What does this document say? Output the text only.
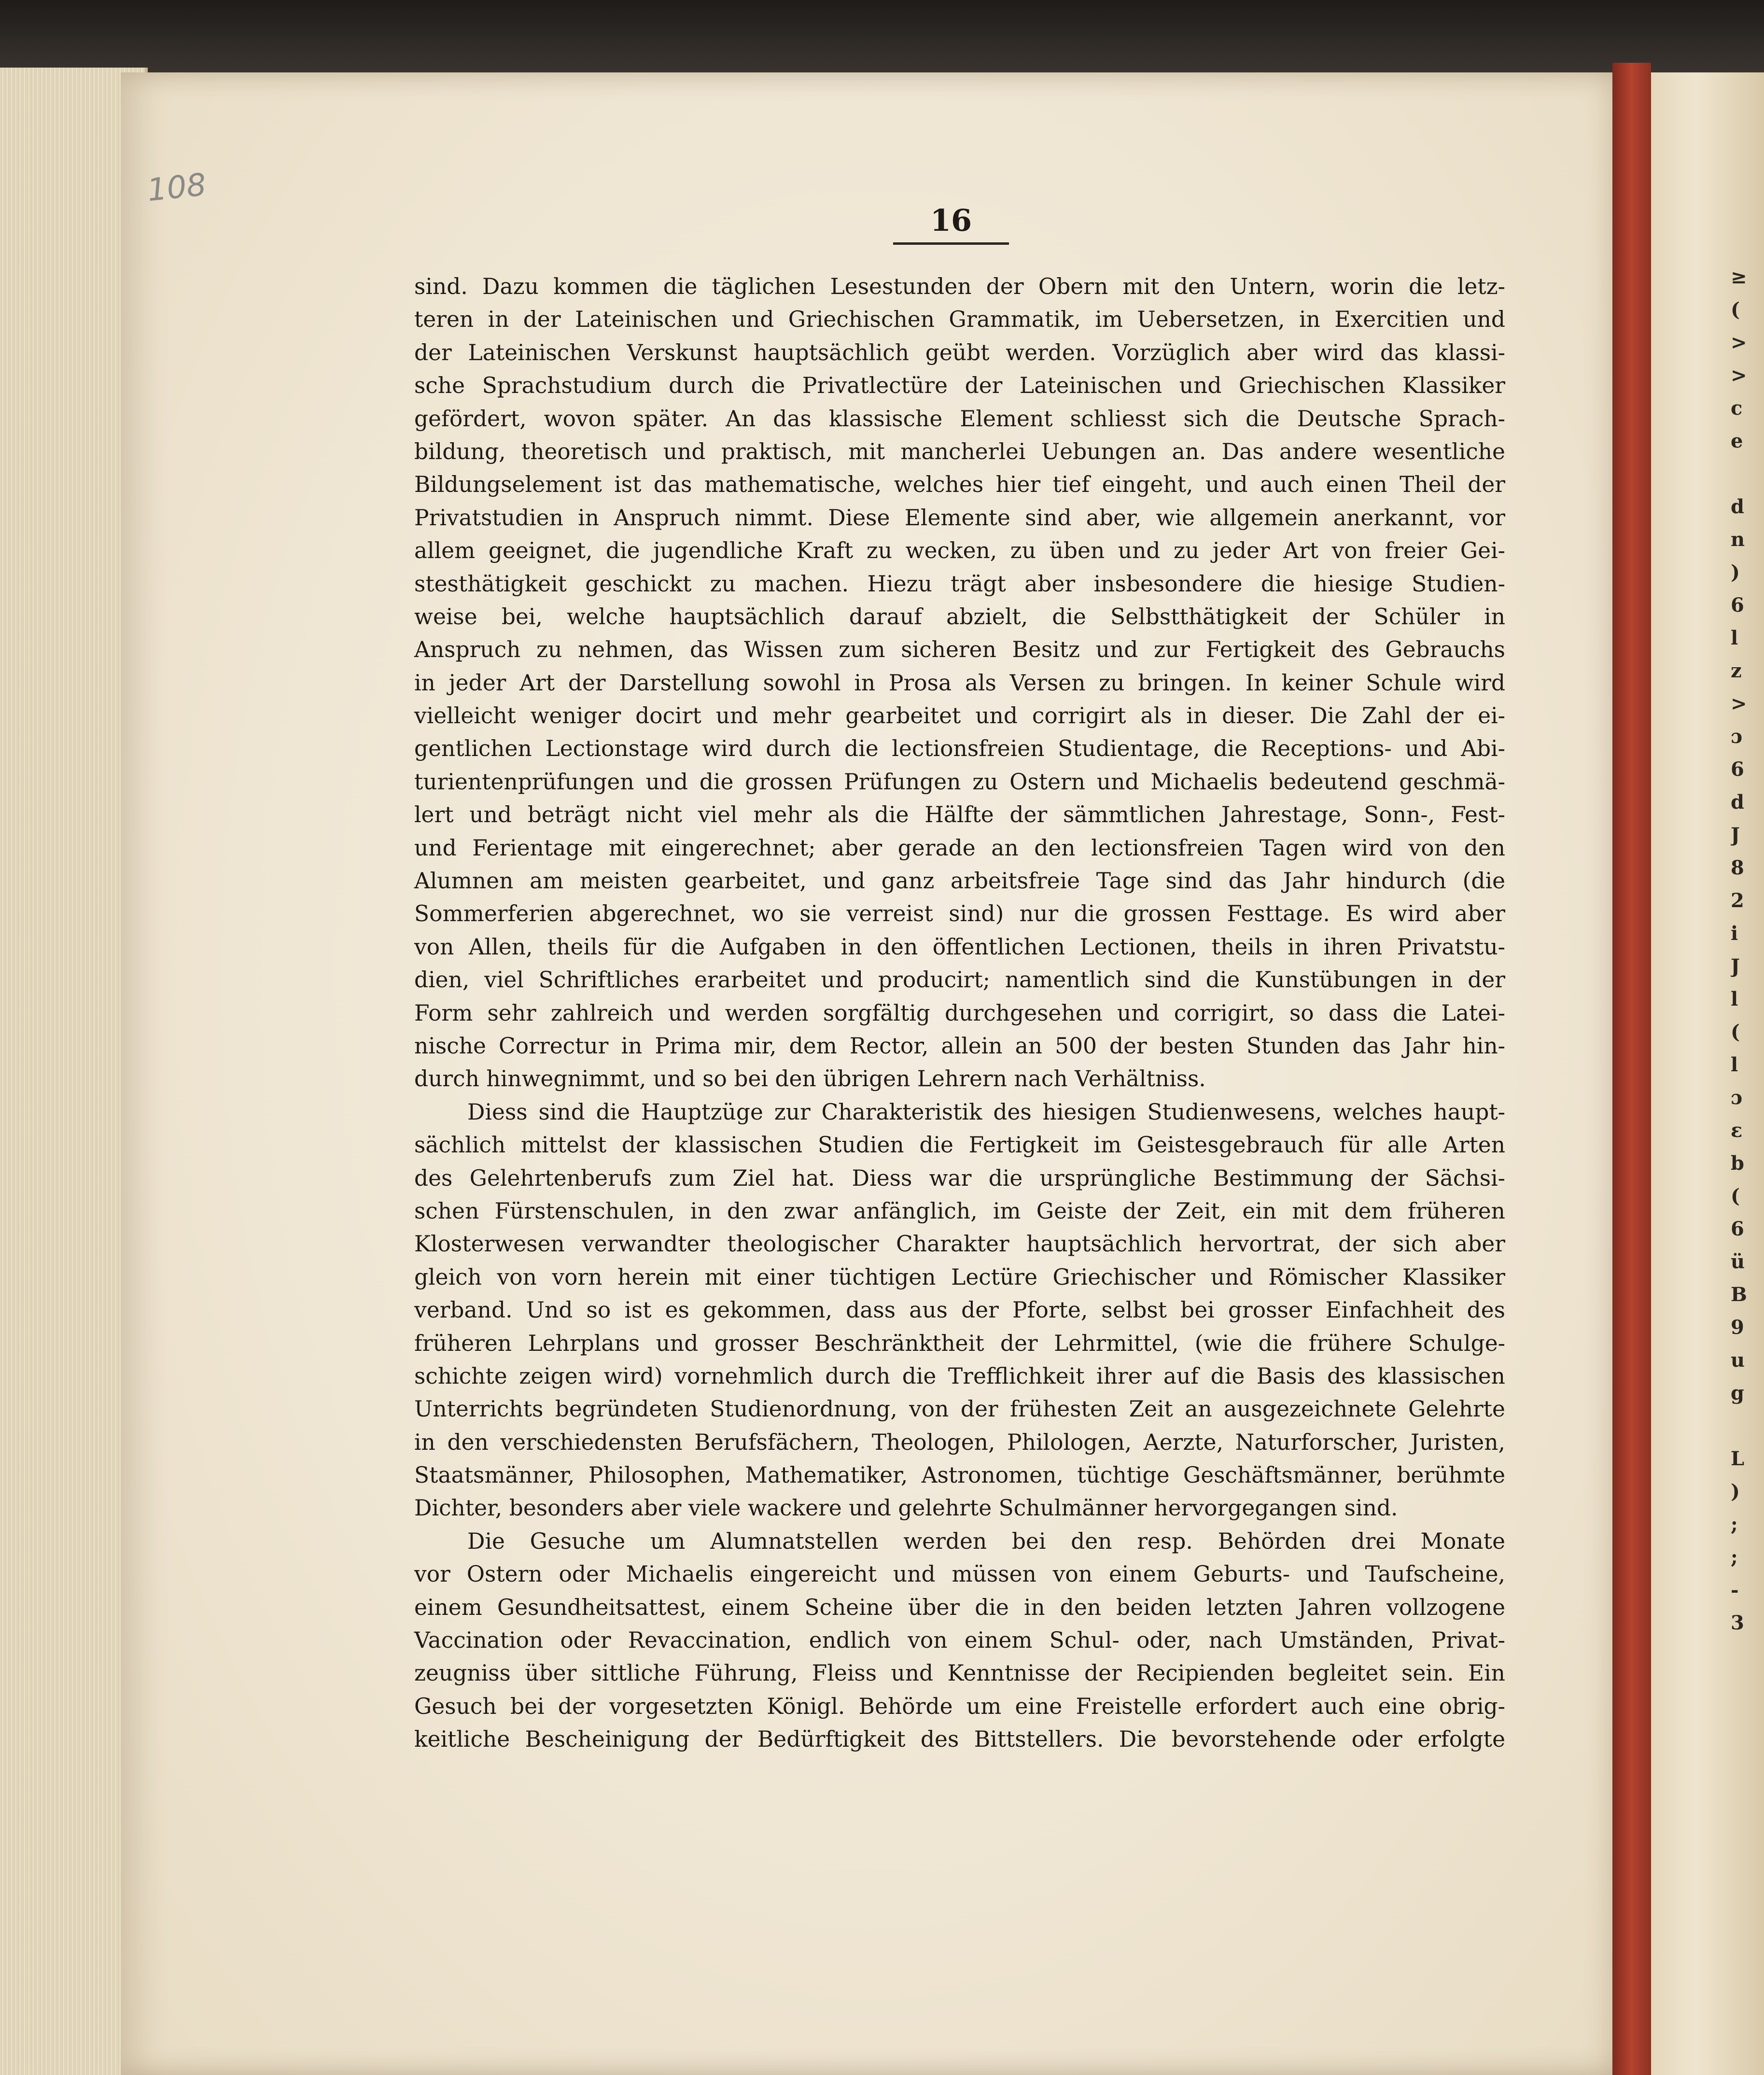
≥
(
>
>
c
e

d
n
)
6
l
z
>
ɔ
6
d
J
8
2
i
J
l
(
l
ɔ
ɛ
b
(
6
ü
B
9
u
g

L
)
;
;
-
3
108
16
sind. Dazu kommen die täglichen Lesestunden der Obern mit den Untern, worin die letz-
teren in der Lateinischen und Griechischen Grammatik, im Uebersetzen, in Exercitien und
der Lateinischen Verskunst hauptsächlich geübt werden. Vorzüglich aber wird das klassi-
sche Sprachstudium durch die Privatlectüre der Lateinischen und Griechischen Klassiker
gefördert, wovon später. An das klassische Element schliesst sich die Deutsche Sprach-
bildung, theoretisch und praktisch, mit mancherlei Uebungen an. Das andere wesentliche
Bildungselement ist das mathematische, welches hier tief eingeht, und auch einen Theil der
Privatstudien in Anspruch nimmt. Diese Elemente sind aber, wie allgemein anerkannt, vor
allem geeignet, die jugendliche Kraft zu wecken, zu üben und zu jeder Art von freier Gei-
stesthätigkeit geschickt zu machen. Hiezu trägt aber insbesondere die hiesige Studien-
weise bei, welche hauptsächlich darauf abzielt, die Selbstthätigkeit der Schüler in
Anspruch zu nehmen, das Wissen zum sicheren Besitz und zur Fertigkeit des Gebrauchs
in jeder Art der Darstellung sowohl in Prosa als Versen zu bringen. In keiner Schule wird
vielleicht weniger docirt und mehr gearbeitet und corrigirt als in dieser. Die Zahl der ei-
gentlichen Lectionstage wird durch die lectionsfreien Studientage, die Receptions- und Abi-
turientenprüfungen und die grossen Prüfungen zu Ostern und Michaelis bedeutend geschmä-
lert und beträgt nicht viel mehr als die Hälfte der sämmtlichen Jahrestage, Sonn-, Fest-
und Ferientage mit eingerechnet; aber gerade an den lectionsfreien Tagen wird von den
Alumnen am meisten gearbeitet, und ganz arbeitsfreie Tage sind das Jahr hindurch (die
Sommerferien abgerechnet, wo sie verreist sind) nur die grossen Festtage. Es wird aber
von Allen, theils für die Aufgaben in den öffentlichen Lectionen, theils in ihren Privatstu-
dien, viel Schriftliches erarbeitet und producirt; namentlich sind die Kunstübungen in der
Form sehr zahlreich und werden sorgfältig durchgesehen und corrigirt, so dass die Latei-
nische Correctur in Prima mir, dem Rector, allein an 500 der besten Stunden das Jahr hin-
durch hinwegnimmt, und so bei den übrigen Lehrern nach Verhältniss.
Diess sind die Hauptzüge zur Charakteristik des hiesigen Studienwesens, welches haupt-
sächlich mittelst der klassischen Studien die Fertigkeit im Geistesgebrauch für alle Arten
des Gelehrtenberufs zum Ziel hat. Diess war die ursprüngliche Bestimmung der Sächsi-
schen Fürstenschulen, in den zwar anfänglich, im Geiste der Zeit, ein mit dem früheren
Klosterwesen verwandter theologischer Charakter hauptsächlich hervortrat, der sich aber
gleich von vorn herein mit einer tüchtigen Lectüre Griechischer und Römischer Klassiker
verband. Und so ist es gekommen, dass aus der Pforte, selbst bei grosser Einfachheit des
früheren Lehrplans und grosser Beschränktheit der Lehrmittel, (wie die frühere Schulge-
schichte zeigen wird) vornehmlich durch die Trefflichkeit ihrer auf die Basis des klassischen
Unterrichts begründeten Studienordnung, von der frühesten Zeit an ausgezeichnete Gelehrte
in den verschiedensten Berufsfächern, Theologen, Philologen, Aerzte, Naturforscher, Juristen,
Staatsmänner, Philosophen, Mathematiker, Astronomen, tüchtige Geschäftsmänner, berühmte
Dichter, besonders aber viele wackere und gelehrte Schulmänner hervorgegangen sind.
Die Gesuche um Alumnatstellen werden bei den resp. Behörden drei Monate
vor Ostern oder Michaelis eingereicht und müssen von einem Geburts- und Taufscheine,
einem Gesundheitsattest, einem Scheine über die in den beiden letzten Jahren vollzogene
Vaccination oder Revaccination, endlich von einem Schul- oder, nach Umständen, Privat-
zeugniss über sittliche Führung, Fleiss und Kenntnisse der Recipienden begleitet sein. Ein
Gesuch bei der vorgesetzten Königl. Behörde um eine Freistelle erfordert auch eine obrig-
keitliche Bescheinigung der Bedürftigkeit des Bittstellers. Die bevorstehende oder erfolgte
